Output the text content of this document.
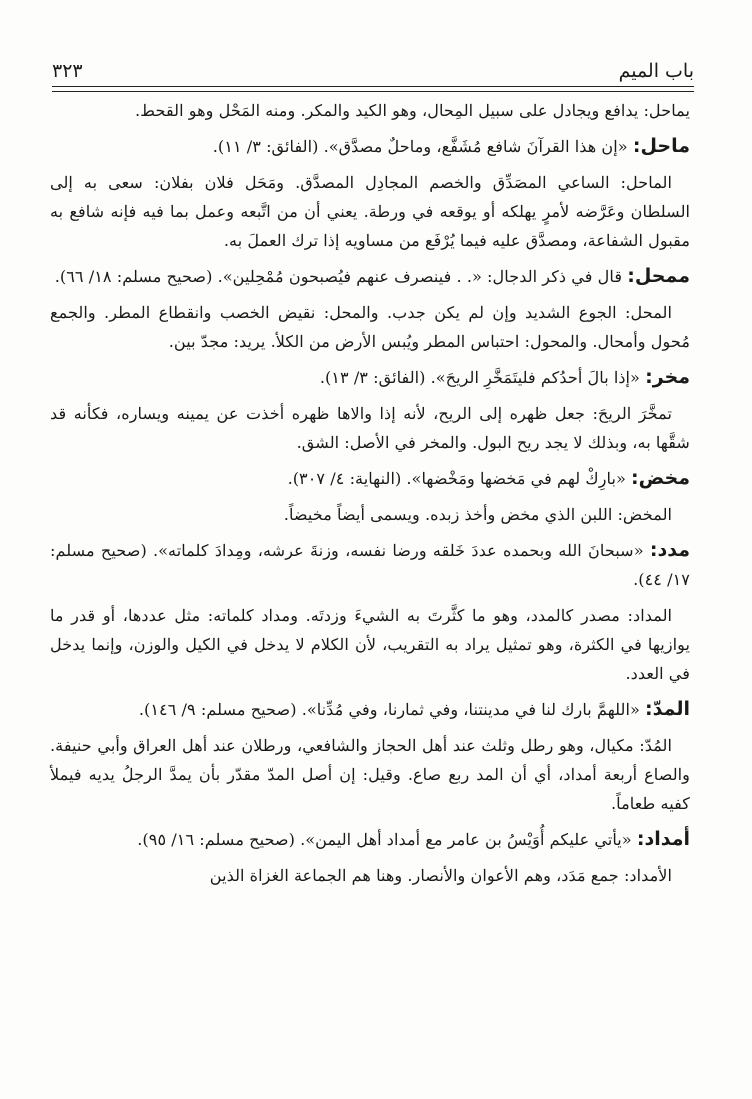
باب الميم
٣٢٣

يماحل: يدافع ويجادل على سبيل المِحال، وهو الكيد والمكر. ومنه المَحْل وهو القحط.

ماحل: «إن هذا القرآنَ شافع مُشَفَّع، وماحلٌ مصدَّق». (الفائق: ٣/ ١١).

الماحل: الساعي المصَدِّق والخصم المجادِل المصدَّق. ومَحَل فلان بفلان: سعى به إلى السلطان وعَرَّضه لأمرٍ يهلكه أو يوقعه في ورطة. يعني أن من اتَّبعه وعمل بما فيه فإنه شافع به مقبول الشفاعة، ومصدَّق عليه فيما يُرْفَع من مساويه إذا ترك العملَ به.

ممحل: قال في ذكر الدجال: «. . فينصرف عنهم فيُصبحون مُمْحِلين». (صحيح مسلم: ١٨/ ٦٦).

المحل: الجوع الشديد وإن لم يكن جدب. والمحل: نقيض الخصب وانقطاع المطر. والجمع مُحول وأمحال. والمحول: احتباس المطر ويُبس الأرض من الكلأ. يريد: مجدّ بين.

مخر: «إذا بالَ أحدُكم فليتَمَخَّرِ الريحَ». (الفائق: ٣/ ١٣).

تمخَّرَ الريحَ: جعل ظهره إلى الريح، لأنه إذا والاها ظهره أخذت عن يمينه ويساره، فكأنه قد شقَّها به، وبذلك لا يجد ريح البول. والمخر في الأصل: الشق.

مخض: «بارِكْ لهم في مَخضها ومَخْضها». (النهاية: ٤/ ٣٠٧).

المخض: اللبن الذي مخض وأخذ زبده. ويسمى أيضاً مخيضاً.

مدد: «سبحانَ الله وبحمده عددَ خَلقه ورضا نفسه، وزنةَ عرشه، ومِدادَ كلماته». (صحيح مسلم: ١٧/ ٤٤).

المداد: مصدر كالمدد، وهو ما كثَّرتَ به الشيءَ وزدتَه. ومداد كلماته: مثل عددها، أو قدر ما يوازيها في الكثرة، وهو تمثيل يراد به التقريب، لأن الكلام لا يدخل في الكيل والوزن، وإنما يدخل في العدد.

المدّ: «اللهمَّ بارك لنا في مدينتنا، وفي ثمارنا، وفي مُدِّنا». (صحيح مسلم: ٩/ ١٤٦).

المُدّ: مكيال، وهو رطل وثلث عند أهل الحجاز والشافعي، ورطلان عند أهل العراق وأبي حنيفة. والصاع أربعة أمداد، أي أن المد ربع صاع. وقيل: إن أصل المدّ مقدّر بأن يمدَّ الرجلُ يديه فيملأ كفيه طعاماً.

أمداد: «يأتي عليكم أُوَيْسُ بن عامر مع أمداد أهل اليمن». (صحيح مسلم: ١٦/ ٩٥).

الأمداد: جمع مَدَد، وهم الأعوان والأنصار. وهنا هم الجماعة الغزاة الذين
